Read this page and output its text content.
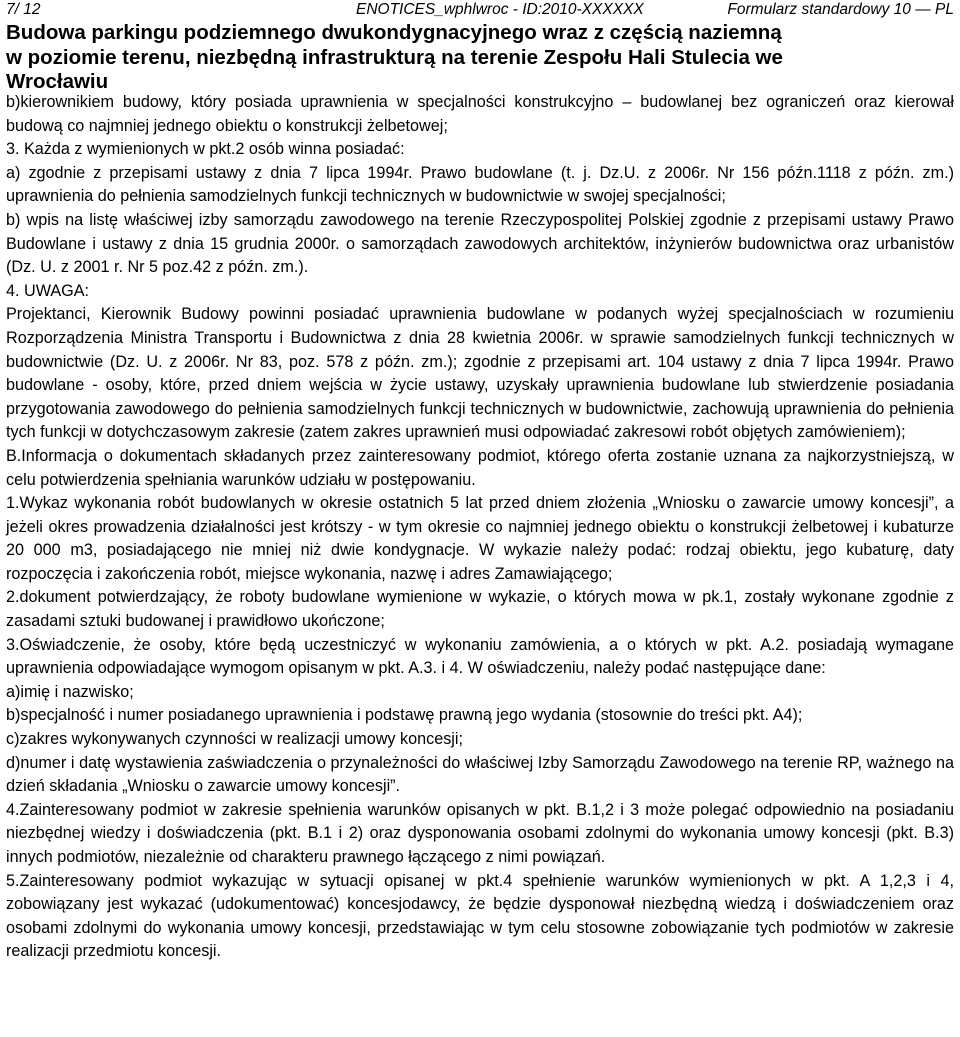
7/ 12	ENOTICES_wphlwroc - ID:2010-XXXXXX	Formularz standardowy 10 — PL
Budowa parkingu podziemnego dwukondygnacyjnego wraz z częścią naziemną
w poziomie terenu, niezbędną infrastrukturą na terenie Zespołu Hali Stulecia we
Wrocławiu

b)kierownikiem budowy, który posiada uprawnienia w specjalności konstrukcyjno – budowlanej bez ograniczeń oraz kierował budową co najmniej jednego obiektu o konstrukcji żelbetowej;

3. Każda z wymienionych w pkt.2 osób winna posiadać:

a) zgodnie z przepisami ustawy z dnia 7 lipca 1994r. Prawo budowlane (t. j. Dz.U. z 2006r. Nr 156 późn.1118 z późn. zm.) uprawnienia do pełnienia samodzielnych funkcji technicznych w budownictwie w swojej specjalności;

b) wpis na listę właściwej izby samorządu zawodowego na terenie Rzeczypospolitej Polskiej zgodnie z przepisami ustawy Prawo Budowlane i ustawy z dnia 15 grudnia 2000r. o samorządach zawodowych architektów, inżynierów budownictwa oraz urbanistów (Dz. U. z 2001 r. Nr 5 poz.42 z późn. zm.).

4. UWAGA:

Projektanci, Kierownik Budowy powinni posiadać uprawnienia budowlane w podanych wyżej specjalnościach w rozumieniu Rozporządzenia Ministra Transportu i Budownictwa z dnia 28 kwietnia 2006r. w sprawie samodzielnych funkcji technicznych w budownictwie (Dz. U. z 2006r. Nr 83, poz. 578 z późn. zm.); zgodnie z przepisami art. 104 ustawy z dnia 7 lipca 1994r. Prawo budowlane - osoby, które, przed dniem wejścia w życie ustawy, uzyskały uprawnienia budowlane lub stwierdzenie posiadania przygotowania zawodowego do pełnienia samodzielnych funkcji technicznych w budownictwie, zachowują uprawnienia do pełnienia tych funkcji w dotychczasowym zakresie (zatem zakres uprawnień musi odpowiadać zakresowi robót objętych zamówieniem);

B.Informacja o dokumentach składanych przez zainteresowany podmiot, którego oferta zostanie uznana za najkorzystniejszą, w celu potwierdzenia spełniania warunków udziału w postępowaniu.

1.Wykaz wykonania robót budowlanych w okresie ostatnich 5 lat przed dniem złożenia „Wniosku o zawarcie umowy koncesji”, a jeżeli okres prowadzenia działalności jest krótszy - w tym okresie co najmniej jednego obiektu o konstrukcji żelbetowej i kubaturze 20 000 m3, posiadającego nie mniej niż dwie kondygnacje. W wykazie należy podać: rodzaj obiektu, jego kubaturę, daty rozpoczęcia i zakończenia robót, miejsce wykonania, nazwę i adres Zamawiającego;

2.dokument potwierdzający, że roboty budowlane wymienione w wykazie, o których mowa w pk.1, zostały wykonane zgodnie z zasadami sztuki budowanej i prawidłowo ukończone;

3.Oświadczenie, że osoby, które będą uczestniczyć w wykonaniu zamówienia, a o których w pkt. A.2. posiadają wymagane uprawnienia odpowiadające wymogom opisanym w pkt. A.3. i 4. W oświadczeniu, należy podać następujące dane:

a)imię i nazwisko;

b)specjalność i numer posiadanego uprawnienia i podstawę prawną jego wydania (stosownie do treści pkt. A4);

c)zakres wykonywanych czynności w realizacji umowy koncesji;

d)numer i datę wystawienia zaświadczenia o przynależności do właściwej Izby Samorządu Zawodowego na terenie RP, ważnego na dzień składania „Wniosku o zawarcie umowy koncesji”.

4.Zainteresowany podmiot w zakresie spełnienia warunków opisanych w pkt. B.1,2 i 3 może polegać odpowiednio na posiadaniu niezbędnej wiedzy i doświadczenia (pkt. B.1 i 2) oraz dysponowania osobami zdolnymi do wykonania umowy koncesji (pkt. B.3) innych podmiotów, niezależnie od charakteru prawnego łączącego z nimi powiązań.

5.Zainteresowany podmiot wykazując w sytuacji opisanej w pkt.4 spełnienie warunków wymienionych w pkt. A 1,2,3 i 4, zobowiązany jest wykazać (udokumentować) koncesjodawcy, że będzie dysponował niezbędną wiedzą i doświadczeniem oraz osobami zdolnymi do wykonania umowy koncesji, przedstawiając w tym celu stosowne zobowiązanie tych podmiotów w zakresie realizacji przedmiotu koncesji.
